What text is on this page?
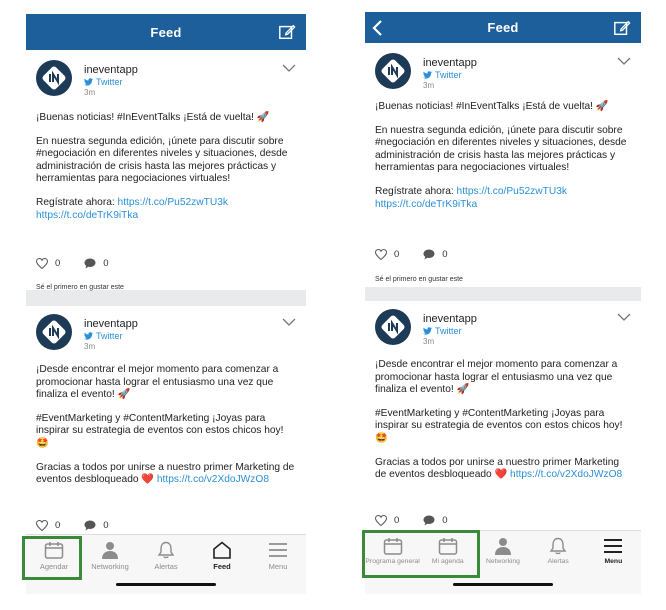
Feed
ineventapp
Twitter
3m

¡Buenas noticias! #InEventTalks ¡Está de vuelta! 🚀

En nuestra segunda edición, ¡únete para discutir sobre #negociación en diferentes niveles y situaciones, desde administración de crisis hasta las mejores prácticas y herramientas para negociaciones virtuales!

Regístrate ahora: https://t.co/Pu52zwTU3k https://t.co/deTrK9iTka

0	0
Sé el primero en gustar este
ineventapp
Twitter
3m

¡Desde encontrar el mejor momento para comenzar a promocionar hasta lograr el entusiasmo una vez que finaliza el evento! 🚀

#EventMarketing y #ContentMarketing ¡Joyas para inspirar su estrategia de eventos con estos chicos hoy! 🤩

Gracias a todos por unirse a nuestro primer Marketing de eventos desbloqueado ❤️ https://t.co/v2XdoJWzO8

0	0
Agendar	Networking	Alertas	Feed	Menu
Feed
ineventapp
Twitter
3m

¡Buenas noticias! #InEventTalks ¡Está de vuelta! 🚀

En nuestra segunda edición, ¡únete para discutir sobre #negociación en diferentes niveles y situaciones, desde administración de crisis hasta las mejores prácticas y herramientas para negociaciones virtuales!

Regístrate ahora: https://t.co/Pu52zwTU3k https://t.co/deTrK9iTka

0	0
Sé el primero en gustar este
ineventapp
Twitter
3m

¡Desde encontrar el mejor momento para comenzar a promocionar hasta lograr el entusiasmo una vez que finaliza el evento! 🚀

#EventMarketing y #ContentMarketing ¡Joyas para inspirar su estrategia de eventos con estos chicos hoy! 🤩

Gracias a todos por unirse a nuestro primer Marketing de eventos desbloqueado ❤️ https://t.co/v2XdoJWzO8

0	0
Programa general Mi agenda	Networking	Alertas	Menu
